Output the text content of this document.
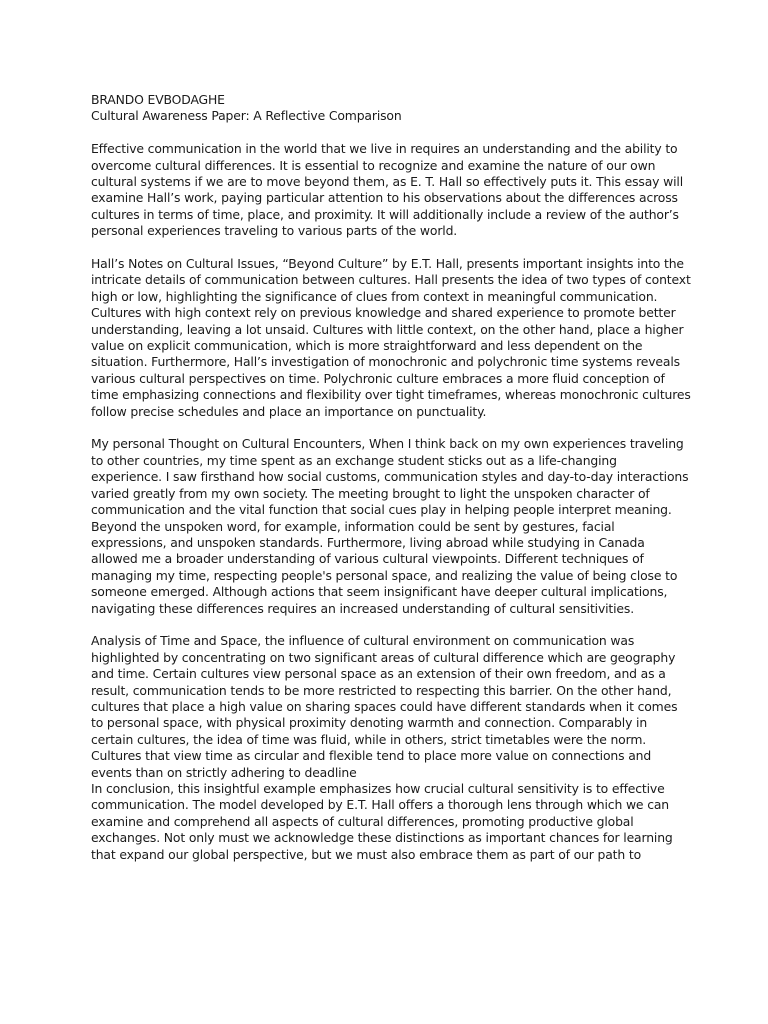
BRANDO EVBODAGHE

Cultural Awareness Paper: A Reflective Comparison

Effective communication in the world that we live in requires an understanding and the ability to overcome cultural differences. It is essential to recognize and examine the nature of our own cultural systems if we are to move beyond them, as E. T. Hall so effectively puts it. This essay will examine Hall’s work, paying particular attention to his observations about the differences across cultures in terms of time, place, and proximity. It will additionally include a review of the author’s personal experiences traveling to various parts of the world.

Hall’s Notes on Cultural Issues, “Beyond Culture” by E.T. Hall, presents important insights into the intricate details of communication between cultures. Hall presents the idea of two types of context high or low, highlighting the significance of clues from context in meaningful communication. Cultures with high context rely on previous knowledge and shared experience to promote better understanding, leaving a lot unsaid. Cultures with little context, on the other hand, place a higher value on explicit communication, which is more straightforward and less dependent on the situation. Furthermore, Hall’s investigation of monochronic and polychronic time systems reveals various cultural perspectives on time. Polychronic culture embraces a more fluid conception of time emphasizing connections and flexibility over tight timeframes, whereas monochronic cultures follow precise schedules and place an importance on punctuality.

My personal Thought on Cultural Encounters, When I think back on my own experiences traveling to other countries, my time spent as an exchange student sticks out as a life-changing experience. I saw firsthand how social customs, communication styles and day-to-day interactions varied greatly from my own society. The meeting brought to light the unspoken character of communication and the vital function that social cues play in helping people interpret meaning. Beyond the unspoken word, for example, information could be sent by gestures, facial expressions, and unspoken standards. Furthermore, living abroad while studying in Canada allowed me a broader understanding of various cultural viewpoints. Different techniques of managing my time, respecting people's personal space, and realizing the value of being close to someone emerged. Although actions that seem insignificant have deeper cultural implications, navigating these differences requires an increased understanding of cultural sensitivities.

Analysis of Time and Space, the influence of cultural environment on communication was highlighted by concentrating on two significant areas of cultural difference which are geography and time. Certain cultures view personal space as an extension of their own freedom, and as a result, communication tends to be more restricted to respecting this barrier. On the other hand, cultures that place a high value on sharing spaces could have different standards when it comes to personal space, with physical proximity denoting warmth and connection. Comparably in certain cultures, the idea of time was fluid, while in others, strict timetables were the norm. Cultures that view time as circular and flexible tend to place more value on connections and events than on strictly adhering to deadline

In conclusion, this insightful example emphasizes how crucial cultural sensitivity is to effective communication. The model developed by E.T. Hall offers a thorough lens through which we can examine and comprehend all aspects of cultural differences, promoting productive global exchanges. Not only must we acknowledge these distinctions as important chances for learning that expand our global perspective, but we must also embrace them as part of our path to
